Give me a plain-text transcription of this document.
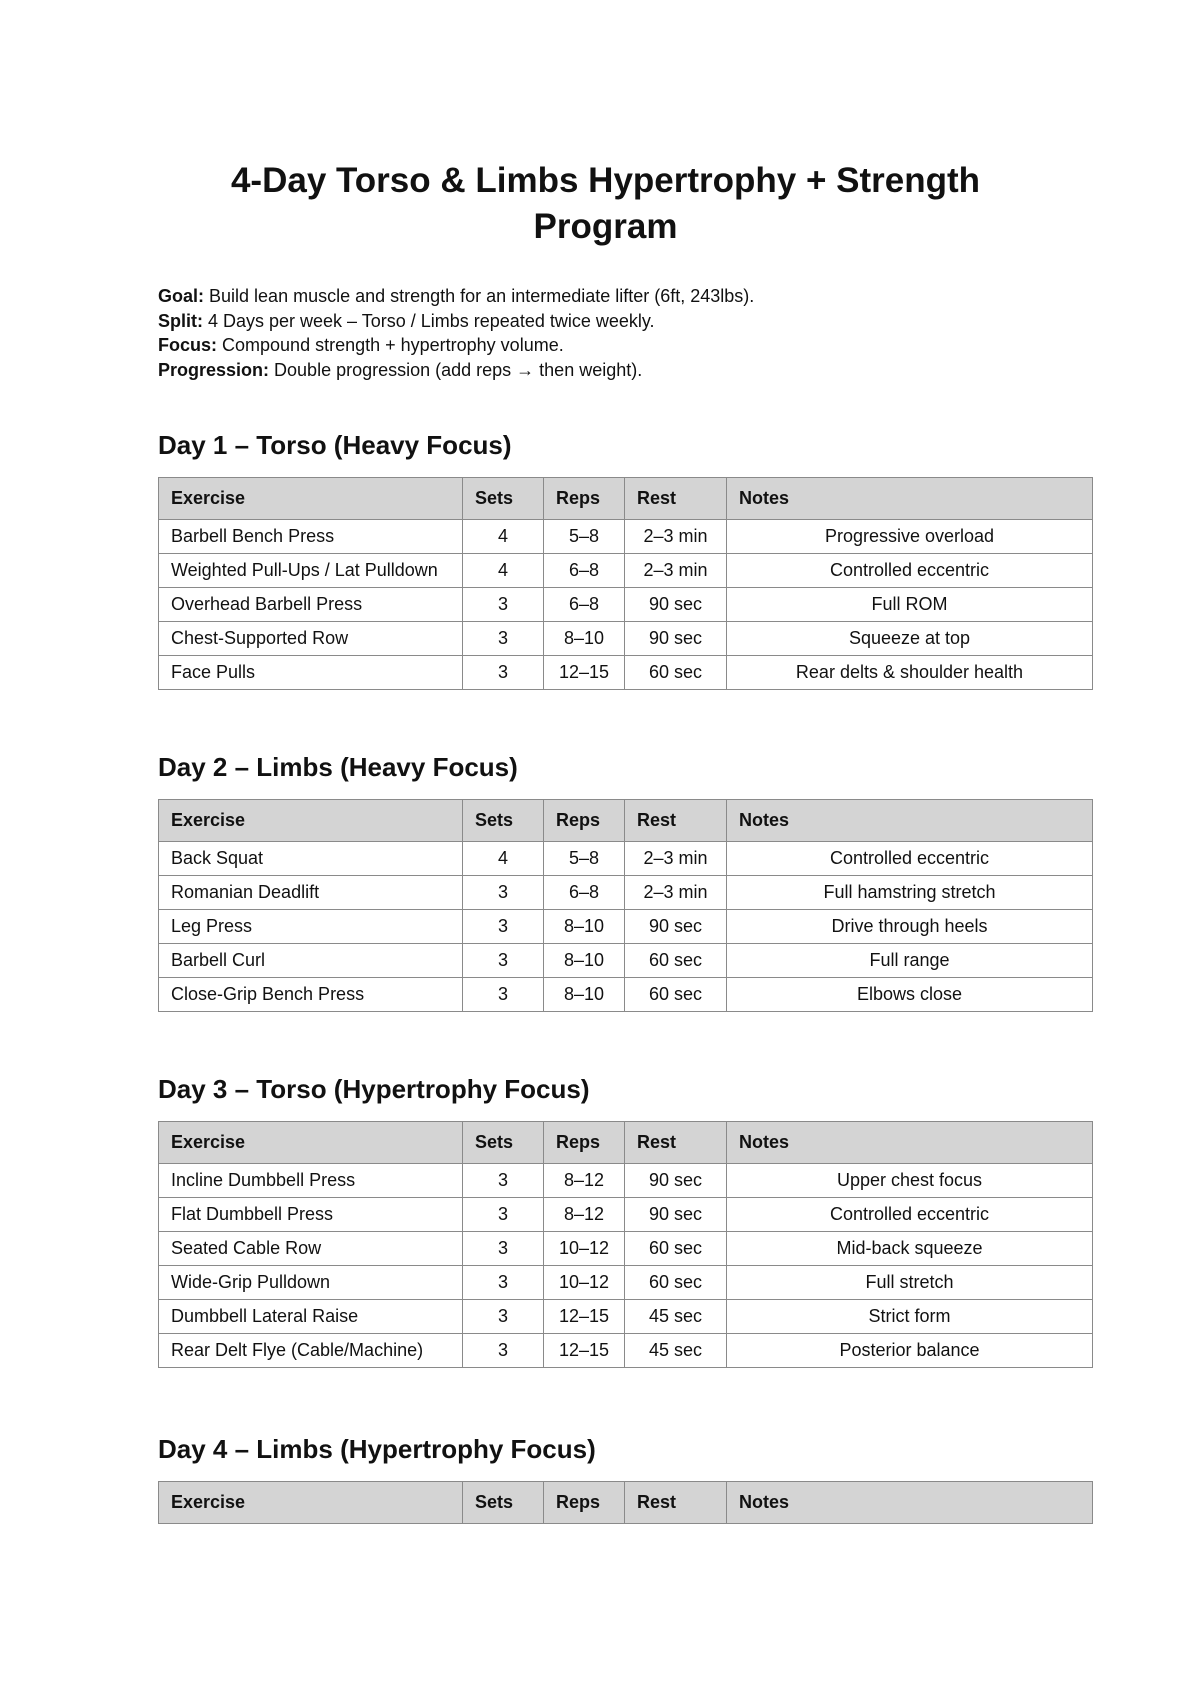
4-Day Torso & Limbs Hypertrophy + Strength Program
Goal: Build lean muscle and strength for an intermediate lifter (6ft, 243lbs).
Split: 4 Days per week – Torso / Limbs repeated twice weekly.
Focus: Compound strength + hypertrophy volume.
Progression: Double progression (add reps → then weight).
Day 1 – Torso (Heavy Focus)
Exercise	Sets	Reps	Rest	Notes
Barbell Bench Press	4	5–8	2–3 min	Progressive overload
Weighted Pull-Ups / Lat Pulldown	4	6–8	2–3 min	Controlled eccentric
Overhead Barbell Press	3	6–8	90 sec	Full ROM
Chest-Supported Row	3	8–10	90 sec	Squeeze at top
Face Pulls	3	12–15	60 sec	Rear delts & shoulder health
Day 2 – Limbs (Heavy Focus)
Exercise	Sets	Reps	Rest	Notes
Back Squat	4	5–8	2–3 min	Controlled eccentric
Romanian Deadlift	3	6–8	2–3 min	Full hamstring stretch
Leg Press	3	8–10	90 sec	Drive through heels
Barbell Curl	3	8–10	60 sec	Full range
Close-Grip Bench Press	3	8–10	60 sec	Elbows close
Day 3 – Torso (Hypertrophy Focus)
Exercise	Sets	Reps	Rest	Notes
Incline Dumbbell Press	3	8–12	90 sec	Upper chest focus
Flat Dumbbell Press	3	8–12	90 sec	Controlled eccentric
Seated Cable Row	3	10–12	60 sec	Mid-back squeeze
Wide-Grip Pulldown	3	10–12	60 sec	Full stretch
Dumbbell Lateral Raise	3	12–15	45 sec	Strict form
Rear Delt Flye (Cable/Machine)	3	12–15	45 sec	Posterior balance
Day 4 – Limbs (Hypertrophy Focus)
Exercise	Sets	Reps	Rest	Notes
